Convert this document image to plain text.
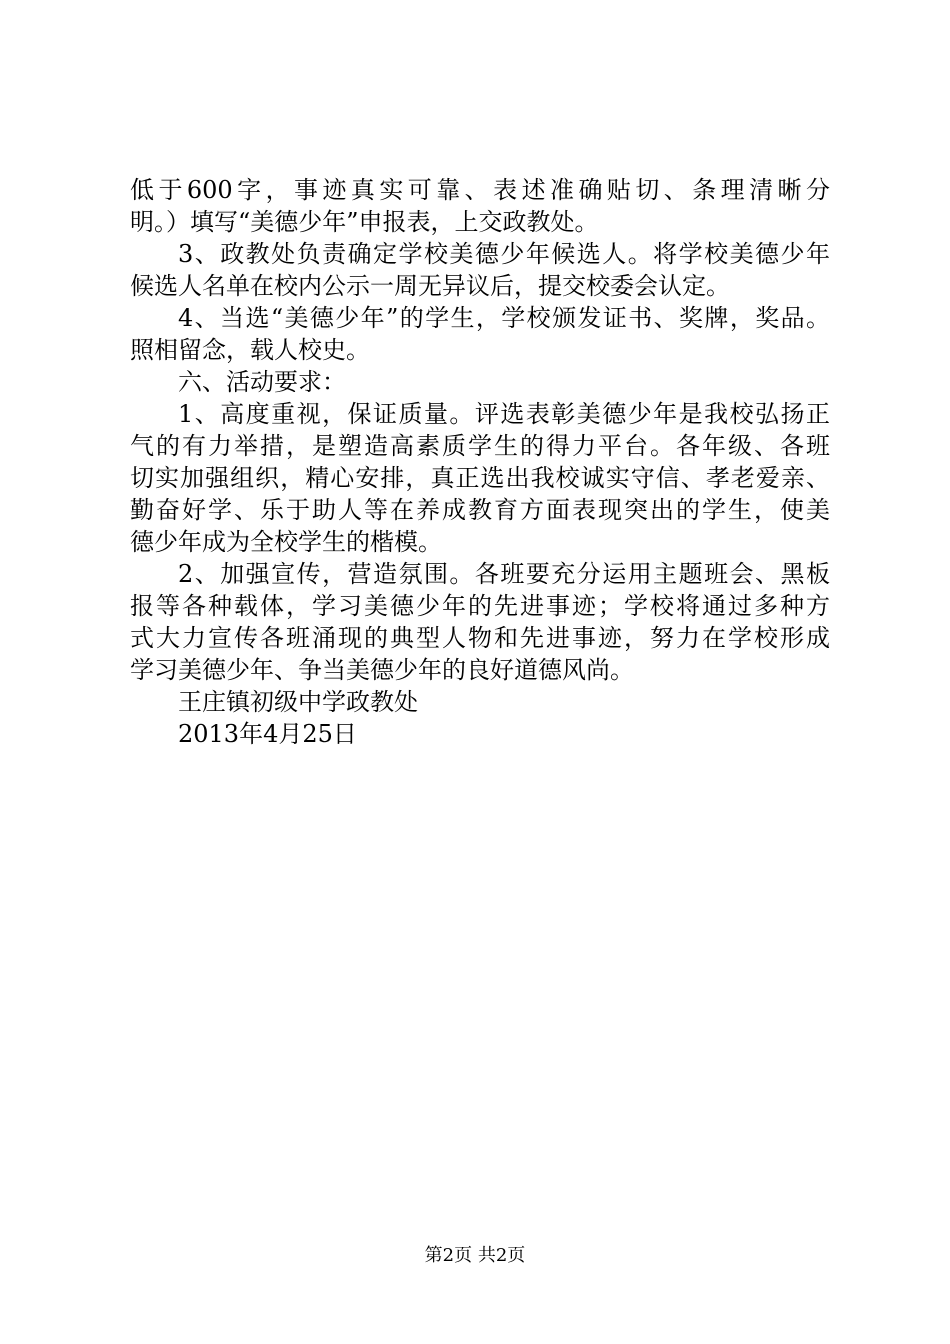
低于600字，事迹真实可靠、表述准确贴切、条理清晰分
明。）填写“美德少年”申报表，上交政教处。
3、政教处负责确定学校美德少年候选人。将学校美德少年
候选人名单在校内公示一周无异议后，提交校委会认定。
4、当选“美德少年”的学生，学校颁发证书、奖牌，奖品。
照相留念，载人校史。
六、活动要求：
1、高度重视，保证质量。评选表彰美德少年是我校弘扬正
气的有力举措，是塑造高素质学生的得力平台。各年级、各班
切实加强组织，精心安排，真正选出我校诚实守信、孝老爱亲、
勤奋好学、乐于助人等在养成教育方面表现突出的学生，使美
德少年成为全校学生的楷模。
2、加强宣传，营造氛围。各班要充分运用主题班会、黑板
报等各种载体，学习美德少年的先进事迹；学校将通过多种方
式大力宣传各班涌现的典型人物和先进事迹，努力在学校形成
学习美德少年、争当美德少年的良好道德风尚。
王庄镇初级中学政教处
2013年4月25日
第2页 共2页
